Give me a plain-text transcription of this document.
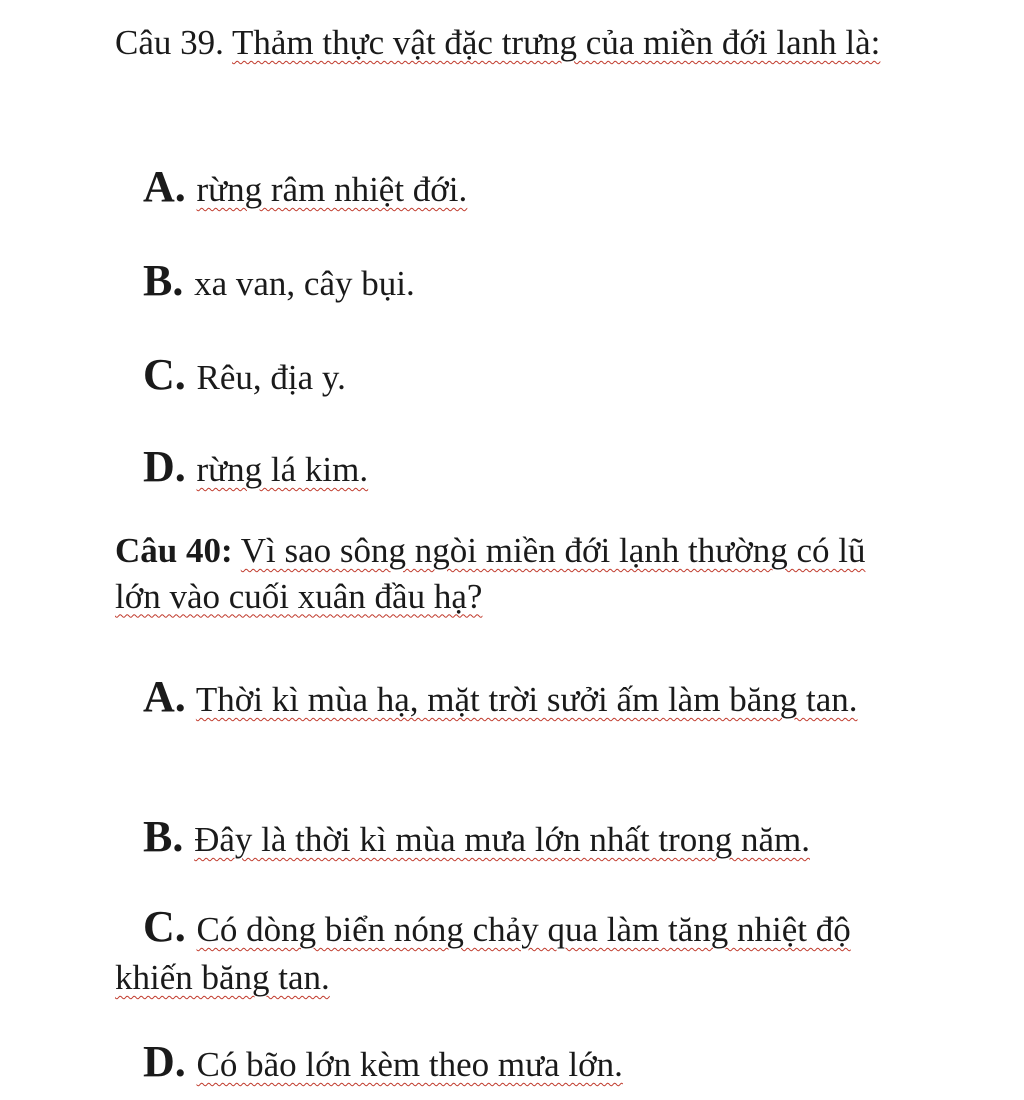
Câu 39. Thảm thực vật đặc trưng của miền đới lanh là:

A. rừng râm nhiệt đới.

B. xa van, cây bụi.

C. Rêu, địa y.

D. rừng lá kim.

Câu 40: Vì sao sông ngòi miền đới lạnh thường có lũ lớn vào cuối xuân đầu hạ?

A. Thời kì mùa hạ, mặt trời sưởi ấm làm băng tan.

B. Đây là thời kì mùa mưa lớn nhất trong năm.

C. Có dòng biển nóng chảy qua làm tăng nhiệt độ khiến băng tan.

D. Có bão lớn kèm theo mưa lớn.
